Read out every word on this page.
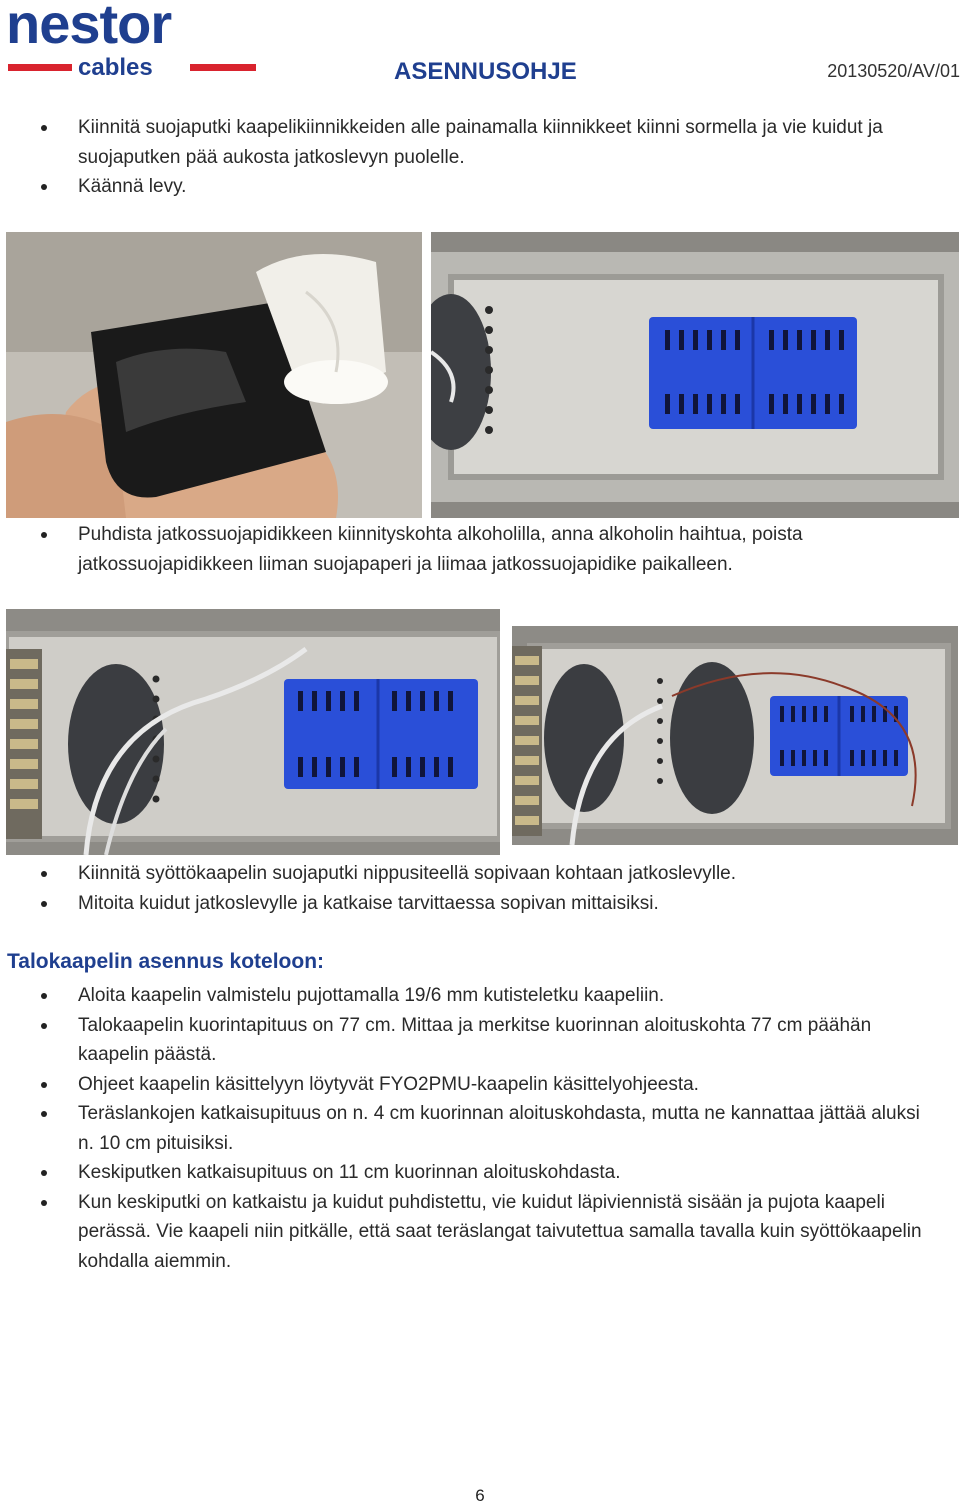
nestor
cables	ASENNUSOHJE	20130520/AV/01
Kiinnitä suojaputki kaapelikiinnikkeiden alle painamalla kiinnikkeet kiinni sormella ja vie kuidut ja suojaputken pää aukosta jatkoslevyn puolelle.
Käännä levy.
Puhdista jatkossuojapidikkeen kiinnityskohta alkoholilla, anna alkoholin haihtua, poista jatkossuojapidikkeen liiman suojapaperi ja liimaa jatkossuojapidike paikalleen.
Kiinnitä syöttökaapelin suojaputki nippusiteellä sopivaan kohtaan jatkoslevylle.
Mitoita kuidut jatkoslevylle ja katkaise tarvittaessa sopivan mittaisiksi.
Talokaapelin asennus koteloon:
Aloita kaapelin valmistelu pujottamalla 19/6 mm kutisteletku kaapeliin.
Talokaapelin kuorintapituus on 77 cm. Mittaa ja merkitse kuorinnan aloituskohta 77 cm päähän kaapelin päästä.
Ohjeet kaapelin käsittelyyn löytyvät FYO2PMU-kaapelin käsittelyohjeesta.
Teräslankojen katkaisupituus on n. 4 cm kuorinnan aloituskohdasta, mutta ne kannattaa jättää aluksi n. 10 cm pituisiksi.
Keskiputken katkaisupituus on 11 cm kuorinnan aloituskohdasta.
Kun keskiputki on katkaistu ja kuidut puhdistettu, vie kuidut läpiviennistä sisään ja pujota kaapeli perässä. Vie kaapeli niin pitkälle, että saat teräslangat taivutettua samalla tavalla kuin syöttökaapelin kohdalla aiemmin.
6
